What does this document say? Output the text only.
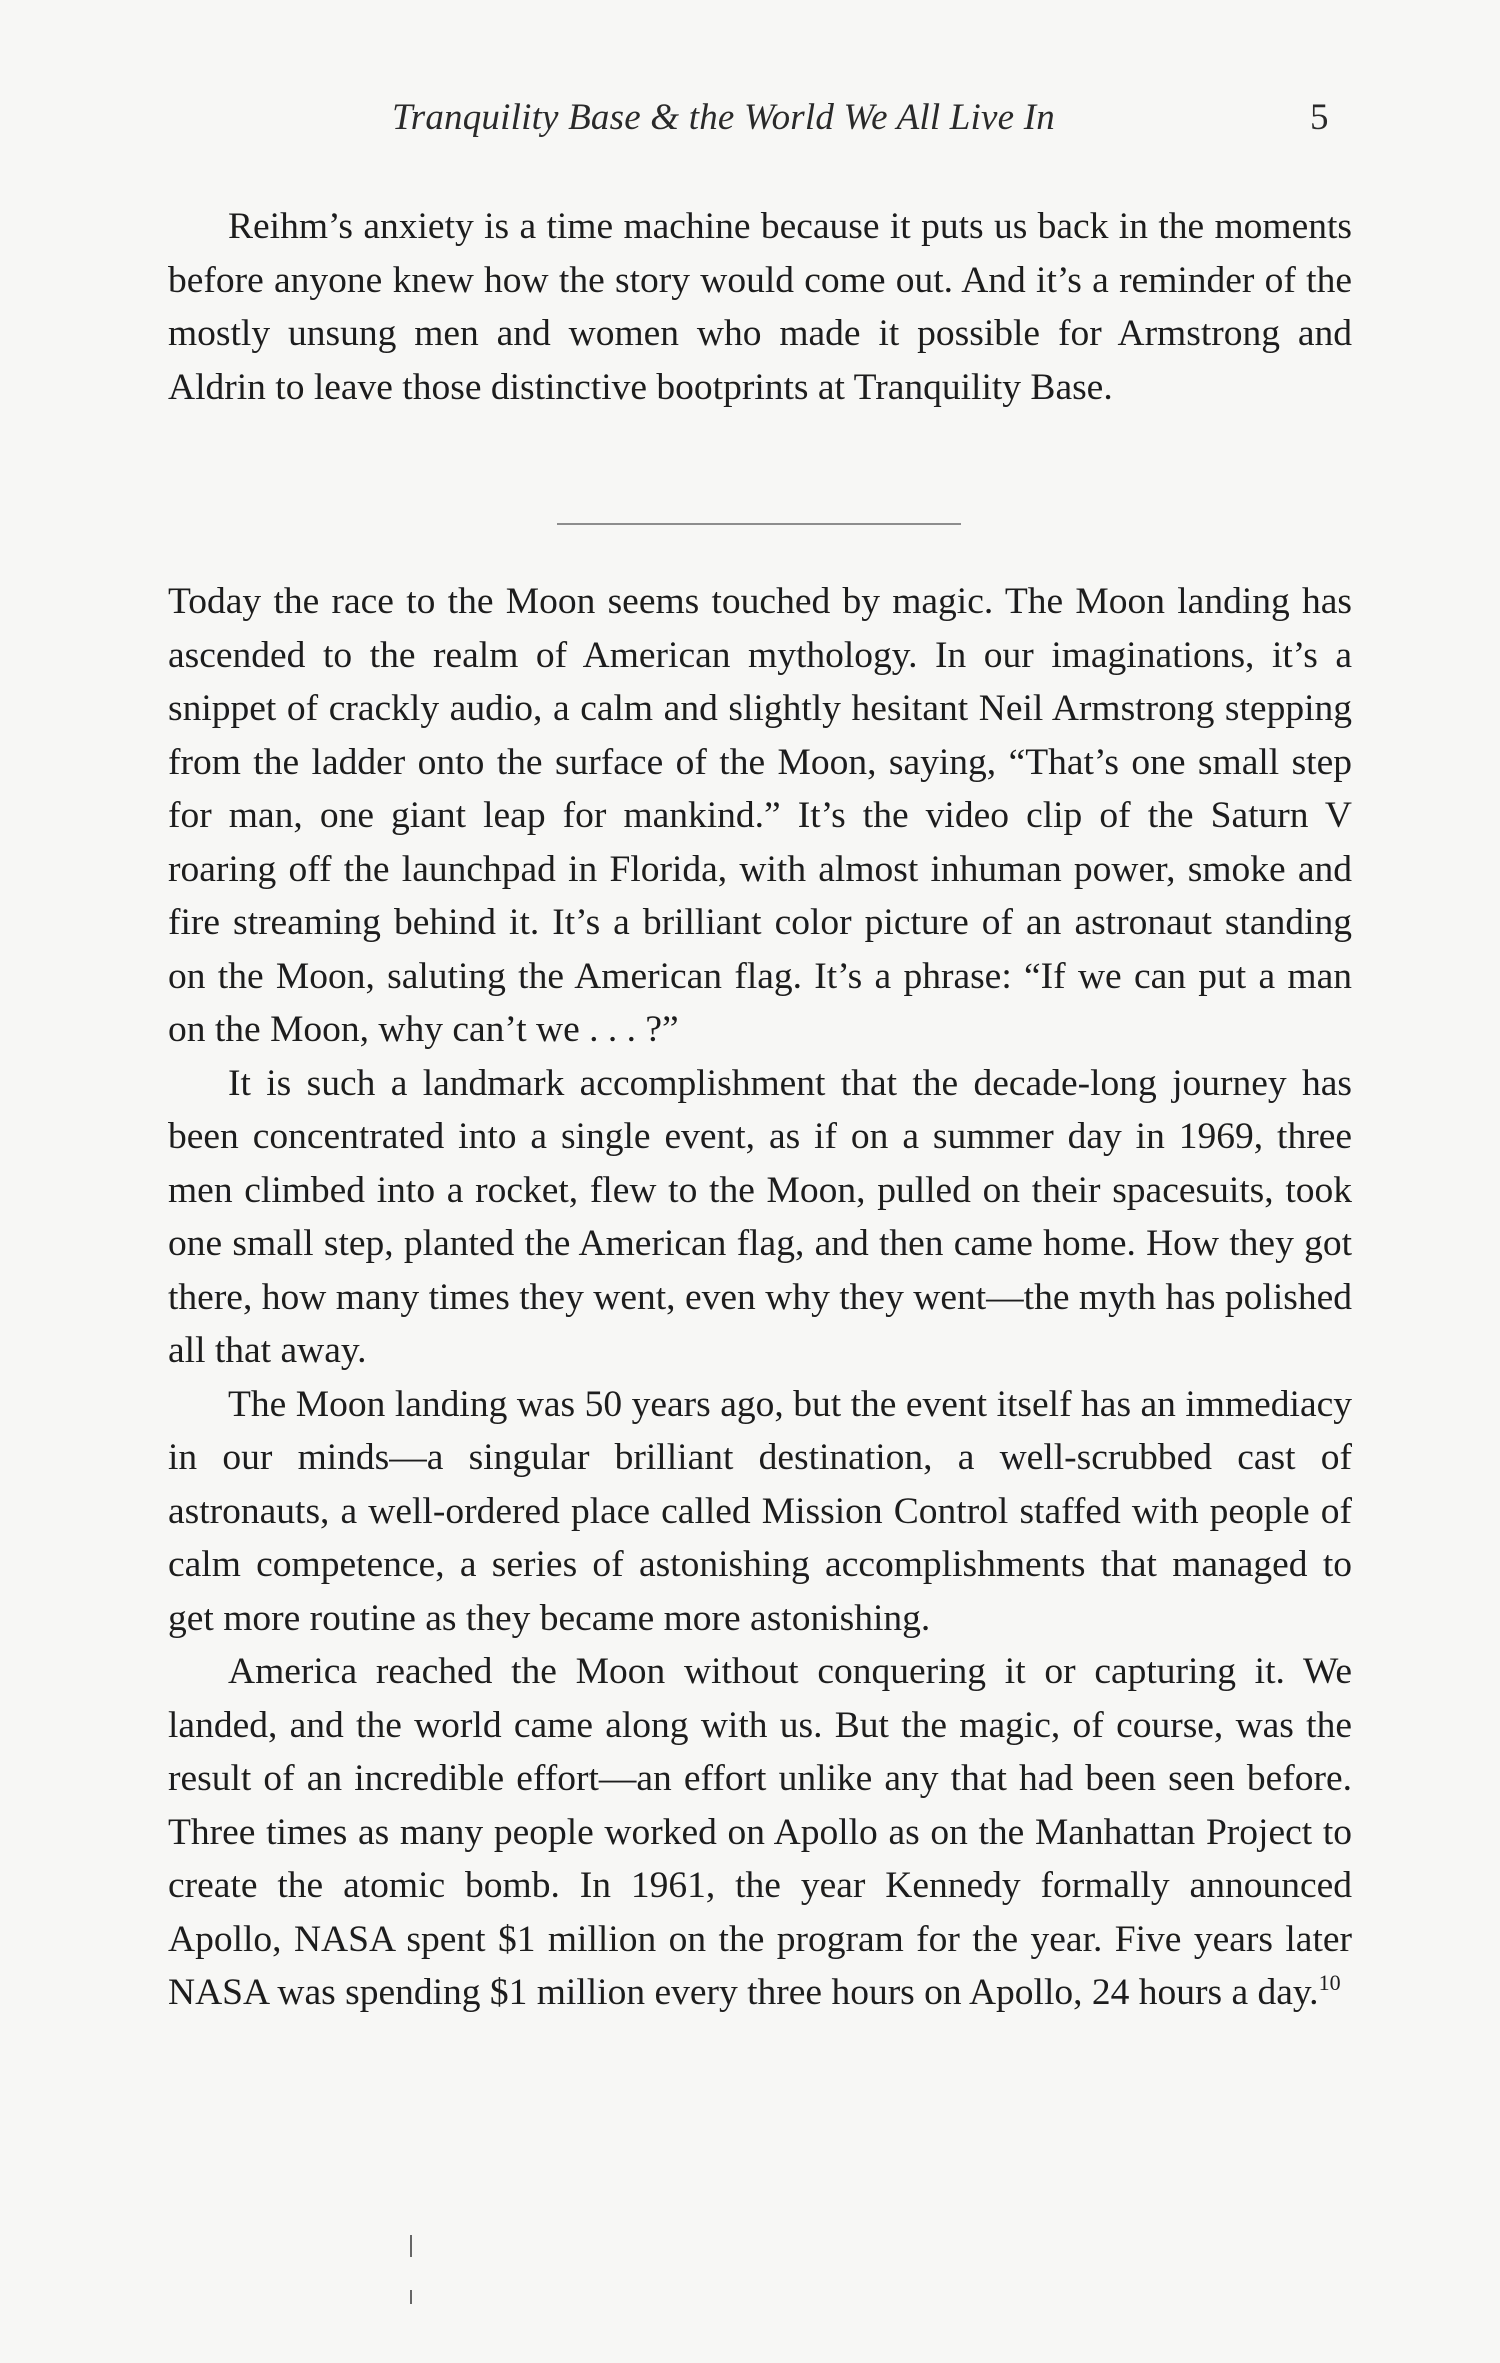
Tranquility Base & the World We All Live In	5

Reihm’s anxiety is a time machine because it puts us back in the moments before anyone knew how the story would come out. And it’s a reminder of the mostly unsung men and women who made it possible for Armstrong and Aldrin to leave those distinctive bootprints at Tranquility Base.

Today the race to the Moon seems touched by magic. The Moon landing has ascended to the realm of American mythology. In our imaginations, it’s a snippet of crackly audio, a calm and slightly hesitant Neil Armstrong stepping from the ladder onto the surface of the Moon, saying, “That’s one small step for man, one giant leap for mankind.” It’s the video clip of the Saturn V roaring off the launchpad in Florida, with almost inhuman power, smoke and fire streaming behind it. It’s a brilliant color picture of an astronaut standing on the Moon, saluting the American flag. It’s a phrase: “If we can put a man on the Moon, why can’t we . . . ?”

It is such a landmark accomplishment that the decade-long journey has been concentrated into a single event, as if on a summer day in 1969, three men climbed into a rocket, flew to the Moon, pulled on their spacesuits, took one small step, planted the American flag, and then came home. How they got there, how many times they went, even why they went—the myth has polished all that away.

The Moon landing was 50 years ago, but the event itself has an immediacy in our minds—a singular brilliant destination, a well-scrubbed cast of astronauts, a well-ordered place called Mission Control staffed with people of calm competence, a series of astonishing accomplishments that managed to get more routine as they became more astonishing.

America reached the Moon without conquering it or capturing it. We landed, and the world came along with us. But the magic, of course, was the result of an incredible effort—an effort unlike any that had been seen before. Three times as many people worked on Apollo as on the Manhattan Project to create the atomic bomb. In 1961, the year Kennedy formally announced Apollo, NASA spent $1 million on the program for the year. Five years later NASA was spending $1 million every three hours on Apollo, 24 hours a day.$^{10}$
